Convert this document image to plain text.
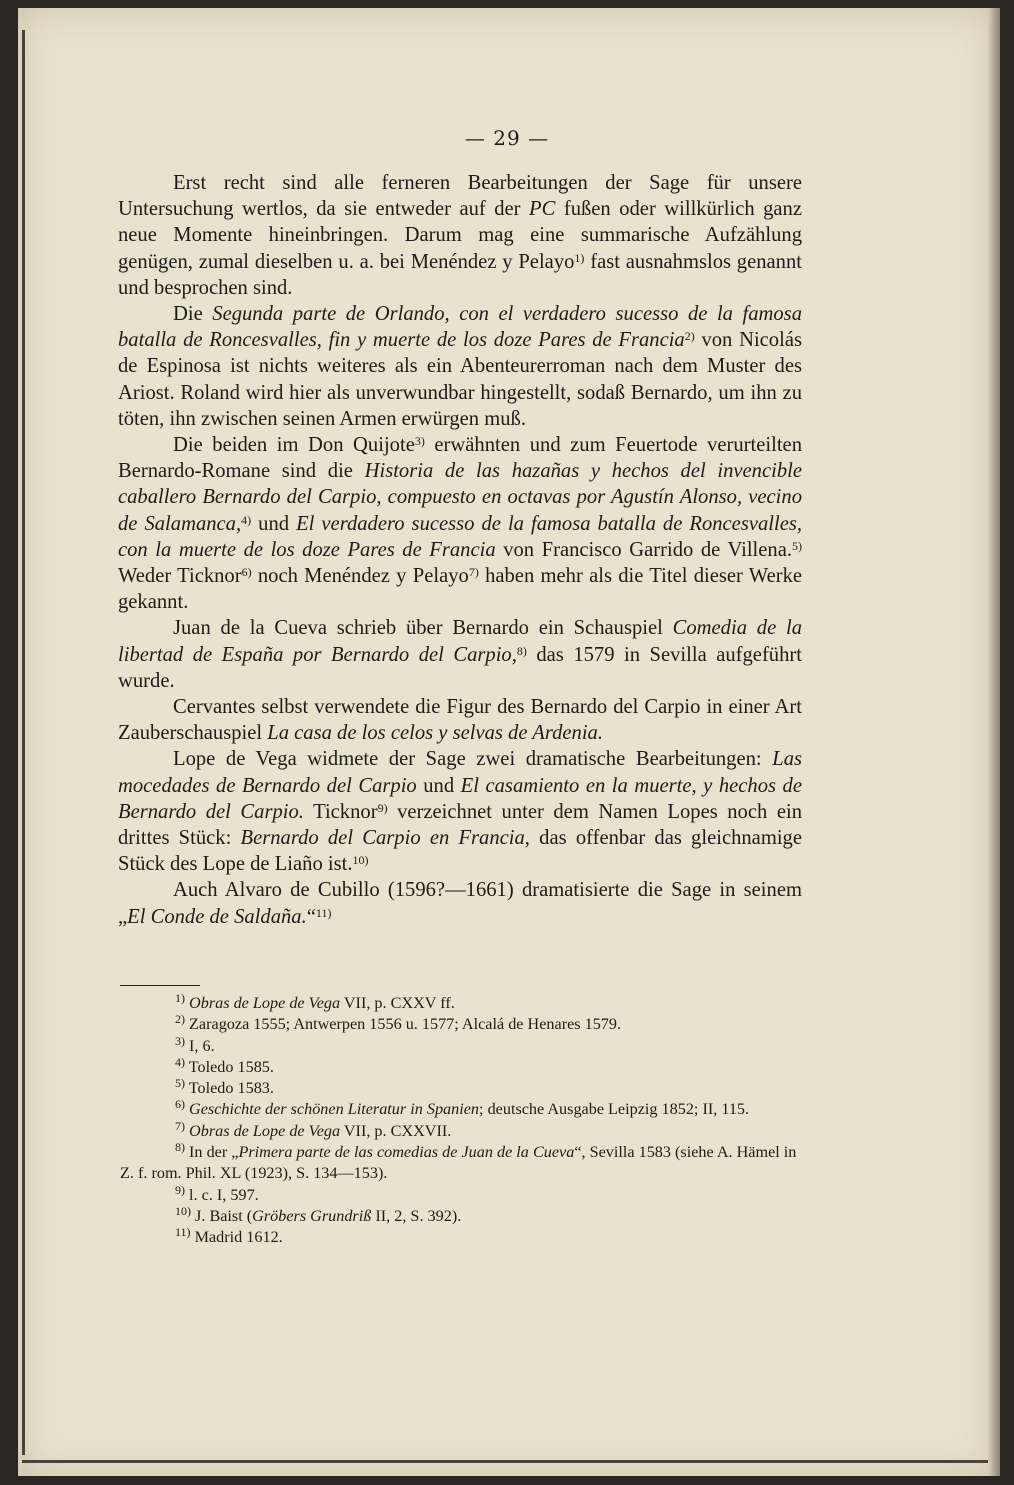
— 29 —

Erst recht sind alle ferneren Bearbeitungen der Sage für unsere Untersuchung wertlos, da sie entweder auf der PC fußen oder willkürlich ganz neue Momente hineinbringen. Darum mag eine summarische Aufzählung genügen, zumal dieselben u. a. bei Menéndez y Pelayo$^{1)}$ fast ausnahmslos genannt und besprochen sind.

Die Segunda parte de Orlando, con el verdadero sucesso de la famosa batalla de Roncesvalles, fin y muerte de los doze Pares de Francia$^{2)}$ von Nicolás de Espinosa ist nichts weiteres als ein Abenteurerroman nach dem Muster des Ariost. Roland wird hier als unverwundbar hingestellt, sodaß Bernardo, um ihn zu töten, ihn zwischen seinen Armen erwürgen muß.

Die beiden im Don Quijote$^{3)}$ erwähnten und zum Feuertode verurteilten Bernardo-Romane sind die Historia de las hazañas y hechos del invencible caballero Bernardo del Carpio, compuesto en octavas por Agustín Alonso, vecino de Salamanca,$^{4)}$ und El verdadero sucesso de la famosa batalla de Roncesvalles, con la muerte de los doze Pares de Francia von Francisco Garrido de Villena.$^{5)}$ Weder Ticknor$^{6)}$ noch Menéndez y Pelayo$^{7)}$ haben mehr als die Titel dieser Werke gekannt.

Juan de la Cueva schrieb über Bernardo ein Schauspiel Comedia de la libertad de España por Bernardo del Carpio,$^{8)}$ das 1579 in Sevilla aufgeführt wurde.

Cervantes selbst verwendete die Figur des Bernardo del Carpio in einer Art Zauberschauspiel La casa de los celos y selvas de Ardenia.

Lope de Vega widmete der Sage zwei dramatische Bearbeitungen: Las mocedades de Bernardo del Carpio und El casamiento en la muerte, y hechos de Bernardo del Carpio. Ticknor$^{9)}$ verzeichnet unter dem Namen Lopes noch ein drittes Stück: Bernardo del Carpio en Francia, das offenbar das gleichnamige Stück des Lope de Liaño ist.$^{10)}$

Auch Alvaro de Cubillo (1596?—1661) dramatisierte die Sage in seinem „El Conde de Saldaña.“$^{11)}$

$^{1)}$ Obras de Lope de Vega VII, p. CXXV ff.

$^{2)}$ Zaragoza 1555; Antwerpen 1556 u. 1577; Alcalá de Henares 1579.

$^{3)}$ I, 6.

$^{4)}$ Toledo 1585.

$^{5)}$ Toledo 1583.

$^{6)}$ Geschichte der schönen Literatur in Spanien; deutsche Ausgabe Leipzig 1852; II, 115.

$^{7)}$ Obras de Lope de Vega VII, p. CXXVII.

$^{8)}$ In der „Primera parte de las comedias de Juan de la Cueva“, Sevilla 1583 (siehe A. Hämel in Z. f. rom. Phil. XL (1923), S. 134—153).

$^{9)}$ l. c. I, 597.

$^{10)}$ J. Baist (Gröbers Grundriß II, 2, S. 392).

$^{11)}$ Madrid 1612.
